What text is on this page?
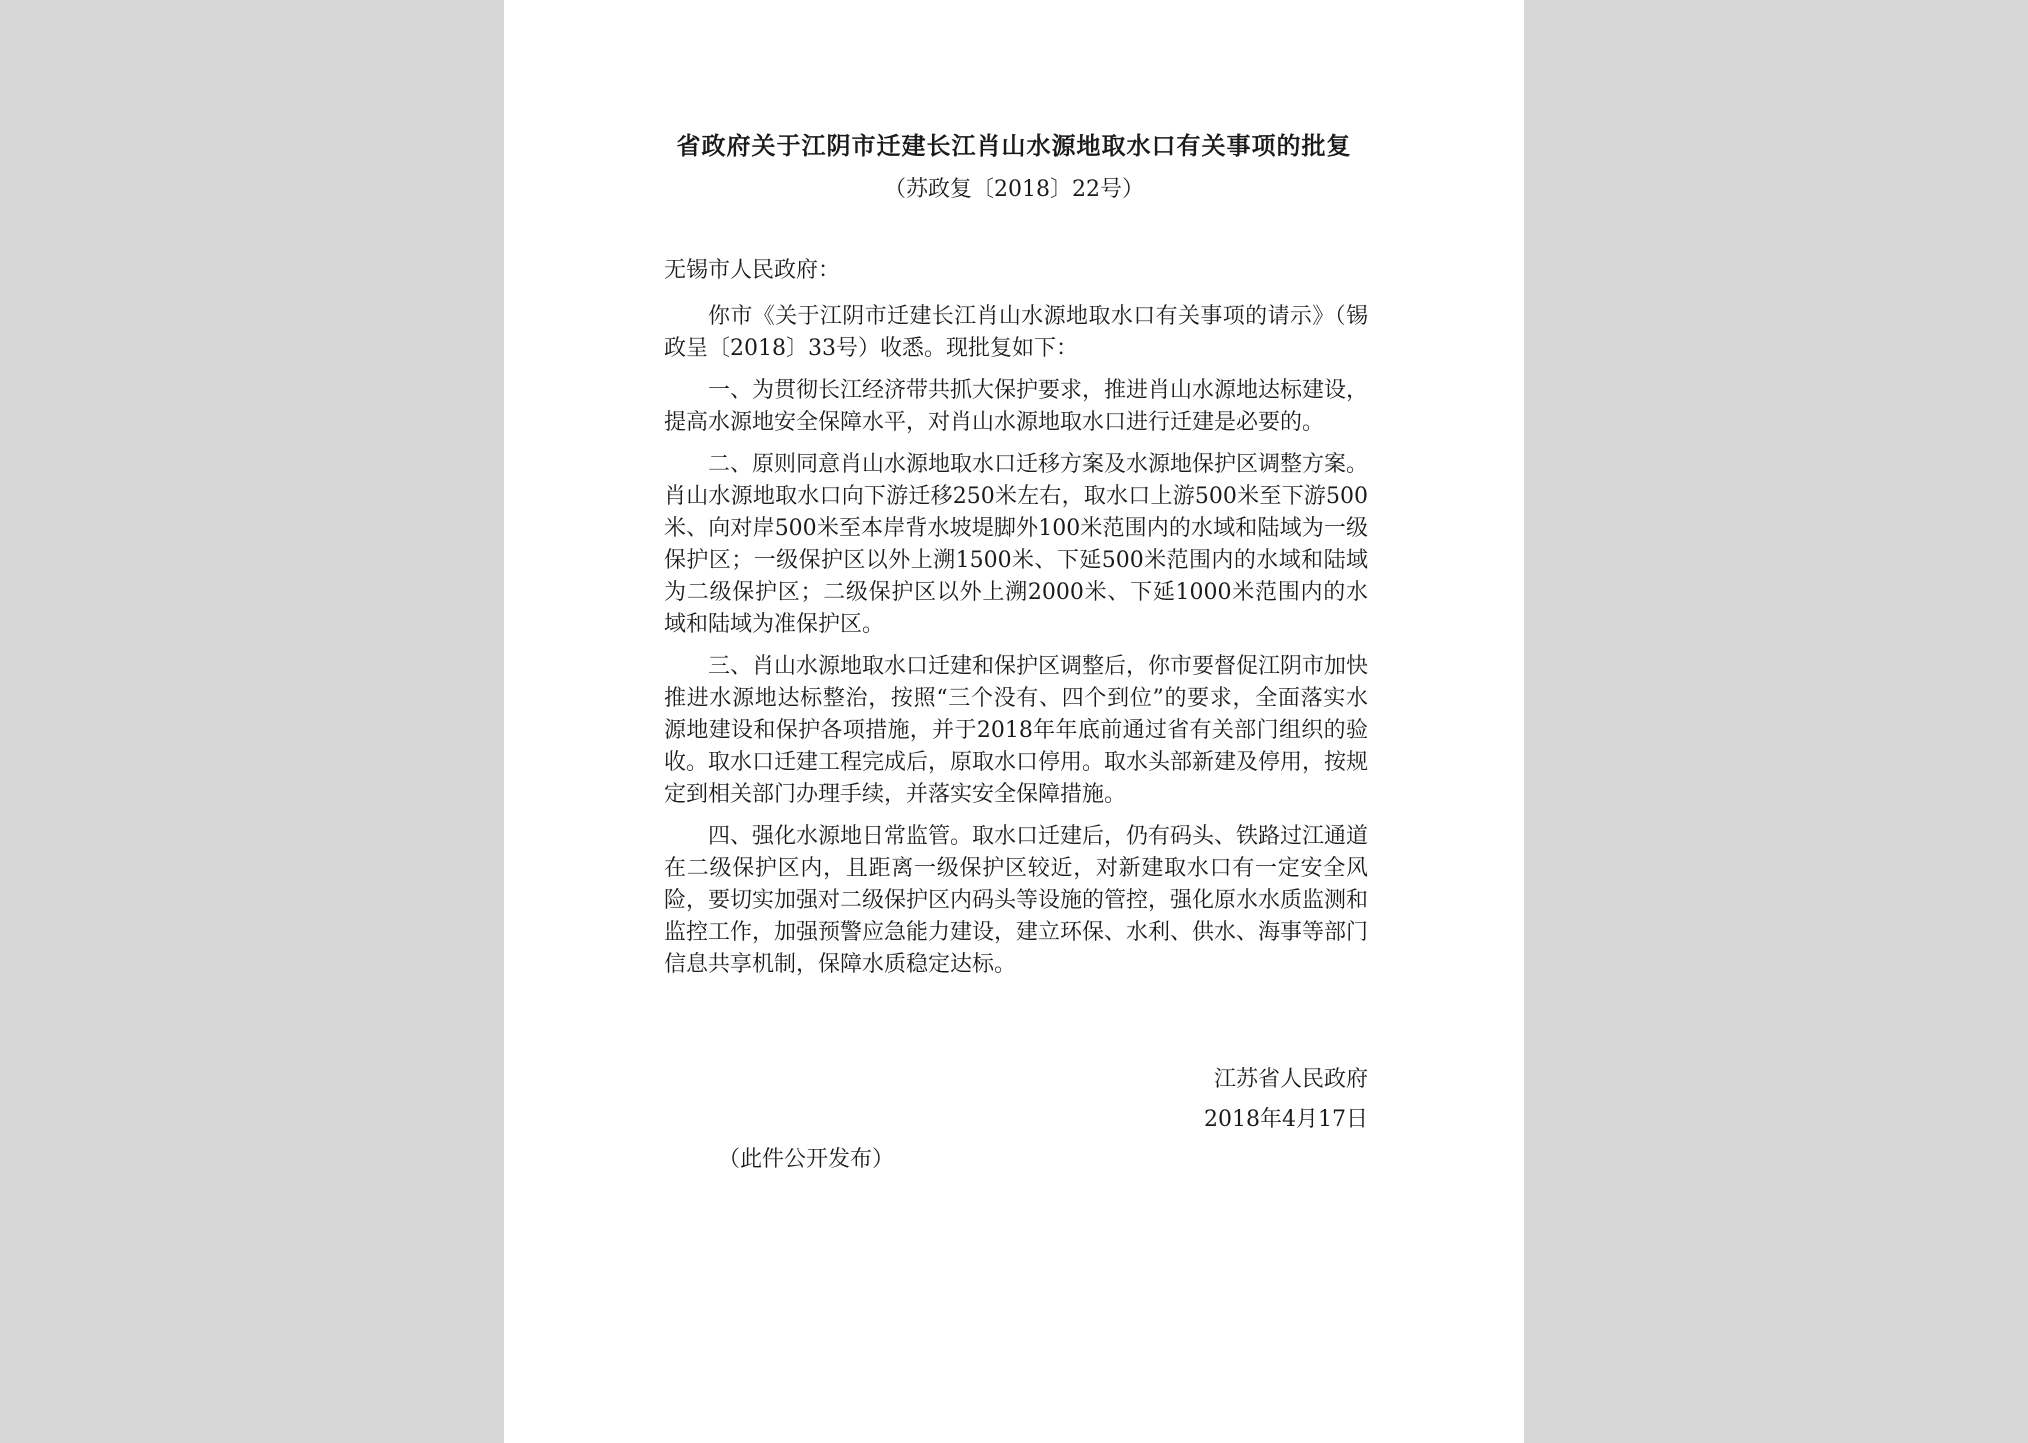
省政府关于江阴市迁建长江肖山水源地取水口有关事项的批复

（苏政复〔2018〕22号）

无锡市人民政府：

你市《关于江阴市迁建长江肖山水源地取水口有关事项的请示》（锡政呈〔2018〕33号）收悉。现批复如下：

一、为贯彻长江经济带共抓大保护要求，推进肖山水源地达标建设，提高水源地安全保障水平，对肖山水源地取水口进行迁建是必要的。

二、原则同意肖山水源地取水口迁移方案及水源地保护区调整方案。肖山水源地取水口向下游迁移250米左右，取水口上游500米至下游500米、向对岸500米至本岸背水坡堤脚外100米范围内的水域和陆域为一级保护区；一级保护区以外上溯1500米、下延500米范围内的水域和陆域为二级保护区；二级保护区以外上溯2000米、下延1000米范围内的水域和陆域为准保护区。

三、肖山水源地取水口迁建和保护区调整后，你市要督促江阴市加快推进水源地达标整治，按照“三个没有、四个到位”的要求，全面落实水源地建设和保护各项措施，并于2018年年底前通过省有关部门组织的验收。取水口迁建工程完成后，原取水口停用。取水头部新建及停用，按规定到相关部门办理手续，并落实安全保障措施。

四、强化水源地日常监管。取水口迁建后，仍有码头、铁路过江通道在二级保护区内，且距离一级保护区较近，对新建取水口有一定安全风险，要切实加强对二级保护区内码头等设施的管控，强化原水水质监测和监控工作，加强预警应急能力建设，建立环保、水利、供水、海事等部门信息共享机制，保障水质稳定达标。

江苏省人民政府

2018年4月17日

（此件公开发布）
